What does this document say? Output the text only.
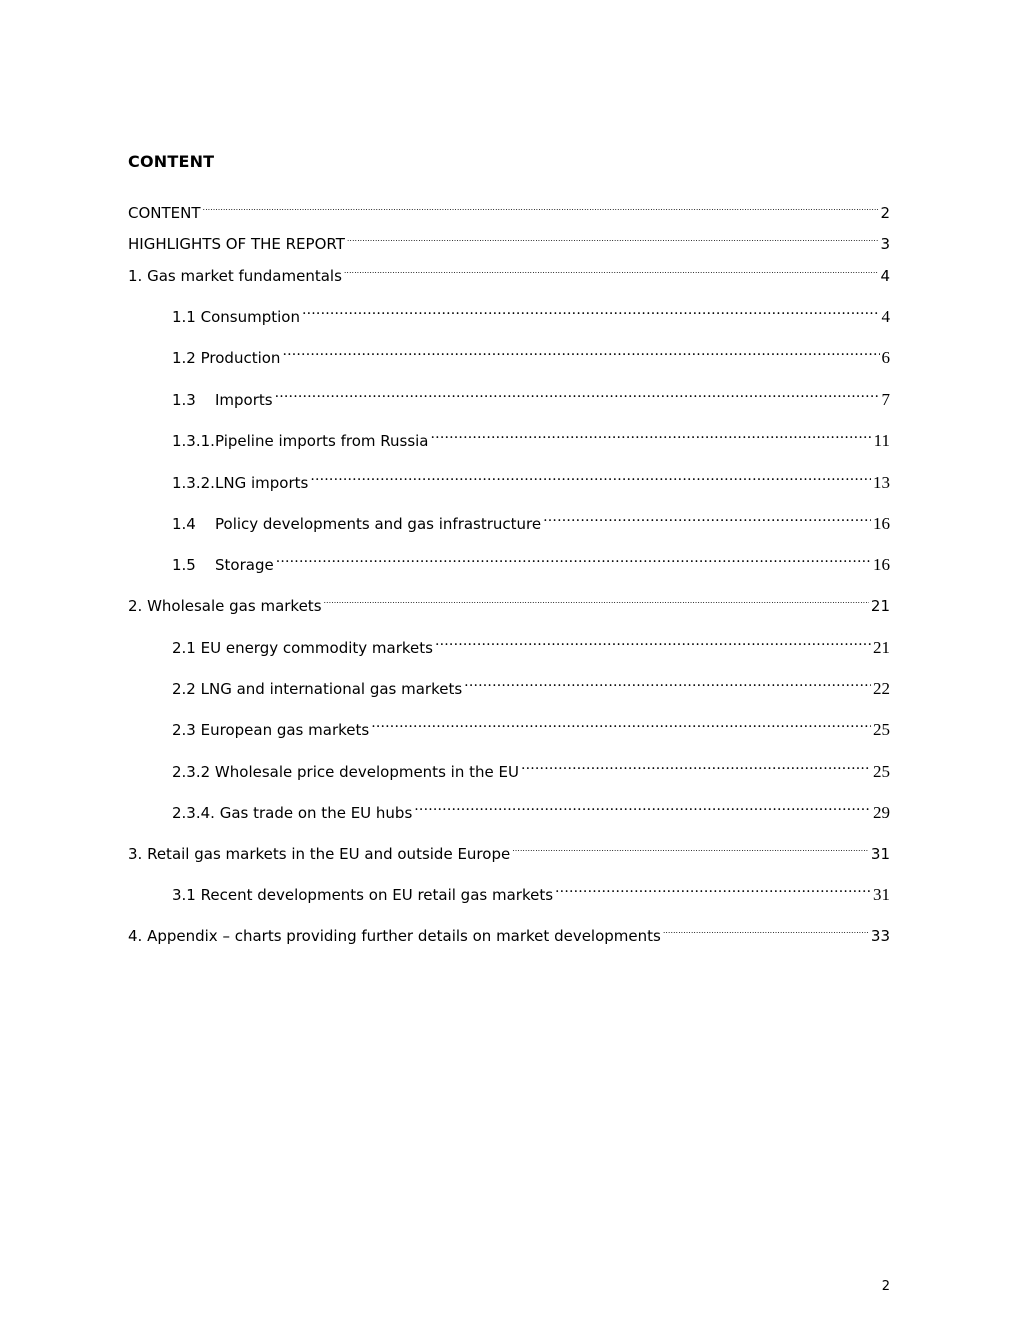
CONTENT
CONTENT .....	2
HIGHLIGHTS OF THE REPORT .....	3
1. Gas market fundamentals .....	4
1.1 Consumption .....	4
1.2 Production .....	6
1.3 Imports .....	7
1.3.1.Pipeline imports from Russia .....	11
1.3.2.LNG imports .....	13
1.4 Policy developments and gas infrastructure .....	16
1.5 Storage .....	16
2. Wholesale gas markets .....	21
2.1 EU energy commodity markets .....	21
2.2 LNG and international gas markets .....	22
2.3 European gas markets .....	25
2.3.2 Wholesale price developments in the EU .....	25
2.3.4. Gas trade on the EU hubs .....	29
3. Retail gas markets in the EU and outside Europe .....	31
3.1 Recent developments on EU retail gas markets .....	31
4. Appendix – charts providing further details on market developments .....	33
2
